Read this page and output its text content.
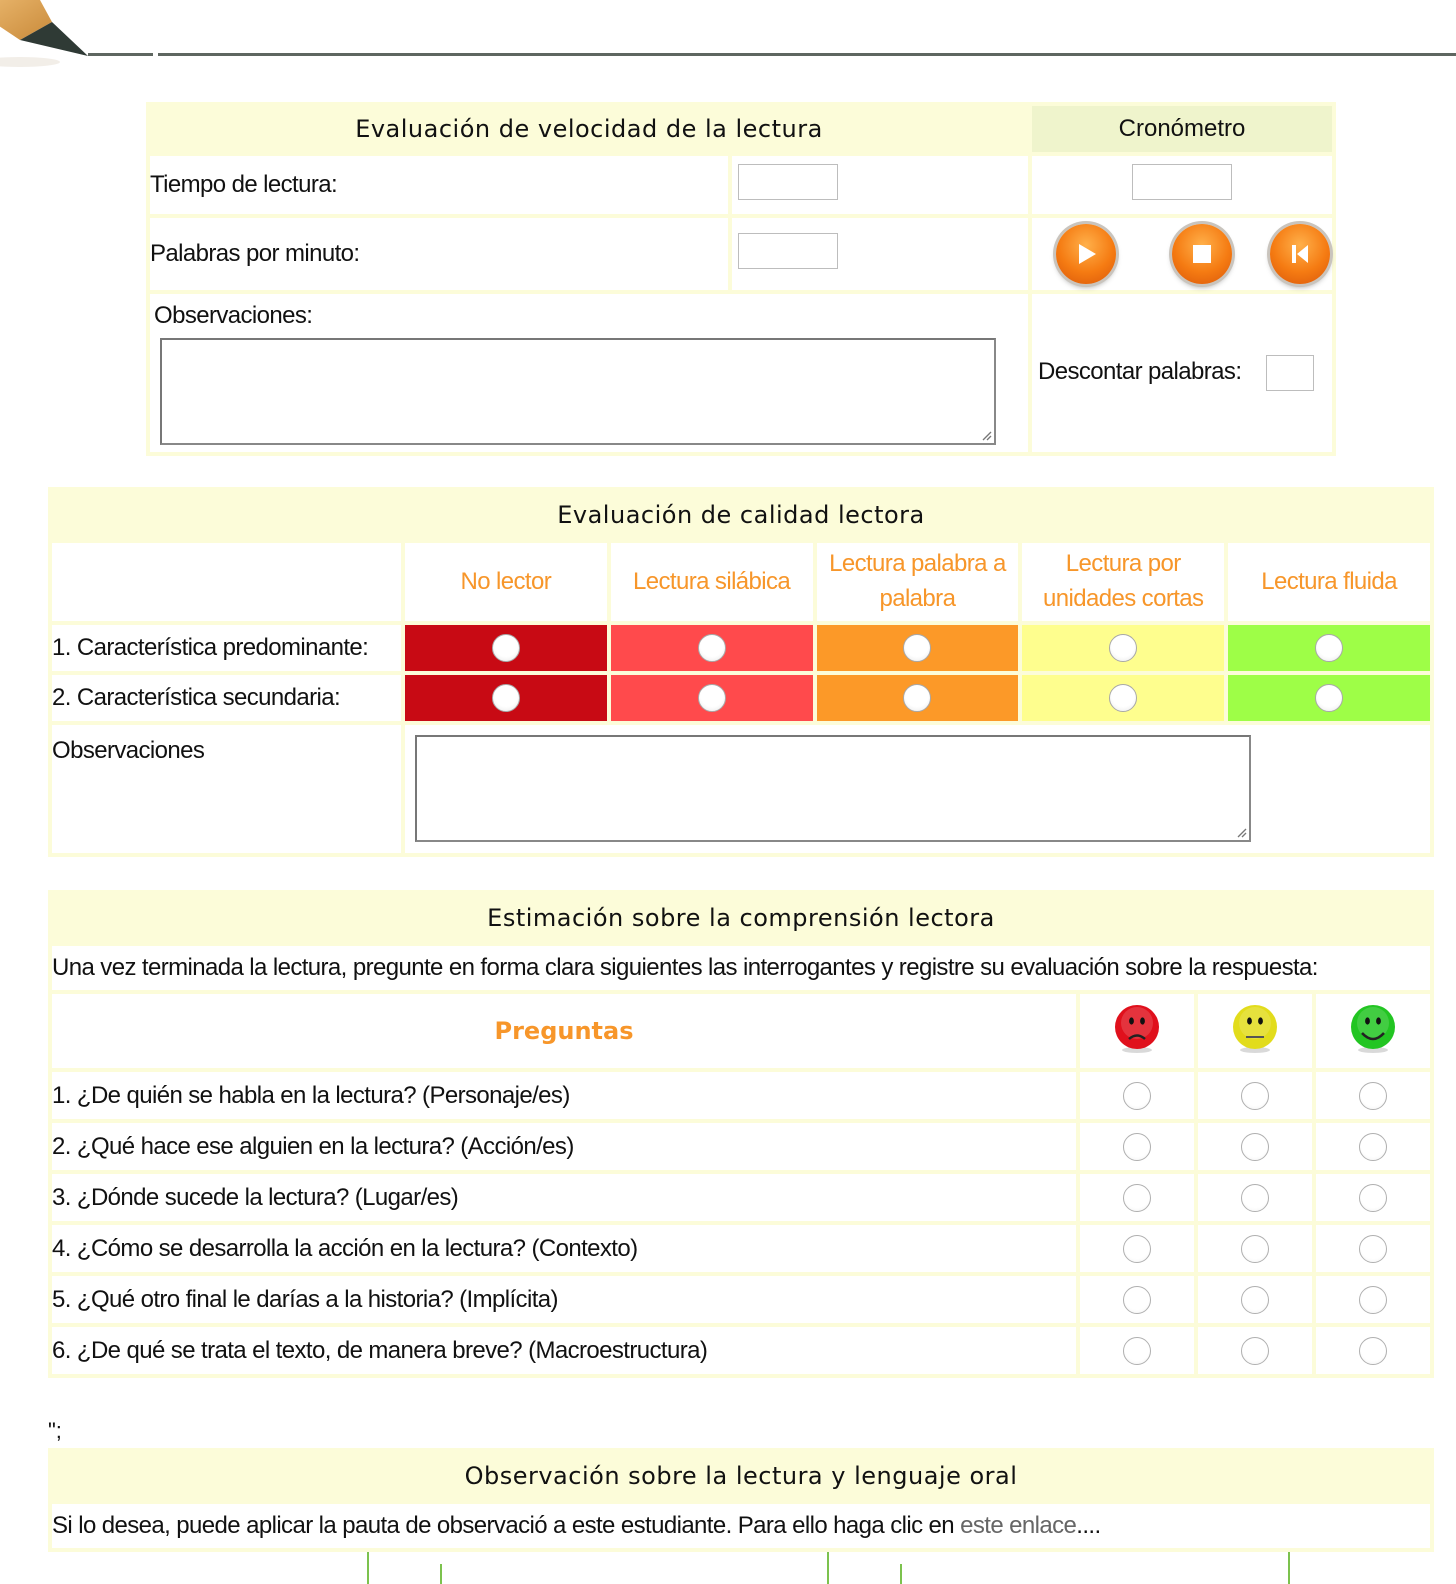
Evaluación de velocidad de la lectura		Cronómetro
Tiempo de lectura:		
Palabras por minuto:		

Observaciones:		Descontar palabras:
Evaluación de calidad lectora					
	No lector	Lectura silábica	Lectura palabra a palabra	Lectura por unidades cortas	Lectura fluida
1. Característica predominante:					
2. Característica secundaria:					
Observaciones	
Estimación sobre la comprensión lectora			
Una vez terminada la lectura, pregunte en forma clara siguientes las interrogantes y registre su evaluación sobre la respuesta:			
Preguntas			
1. ¿De quién se habla en la lectura? (Personaje/es)			
2. ¿Qué hace ese alguien en la lectura? (Acción/es)			
3. ¿Dónde sucede la lectura? (Lugar/es)			
4. ¿Cómo se desarrolla la acción en la lectura? (Contexto)			
5. ¿Qué otro final le darías a la historia? (Implícita)			
6. ¿De qué se trata el texto, de manera breve? (Macroestructura)			
";
Observación sobre la lectura y lenguaje oral
Si lo desea, puede aplicar la pauta de observació a este estudiante. Para ello haga clic en este enlace....
